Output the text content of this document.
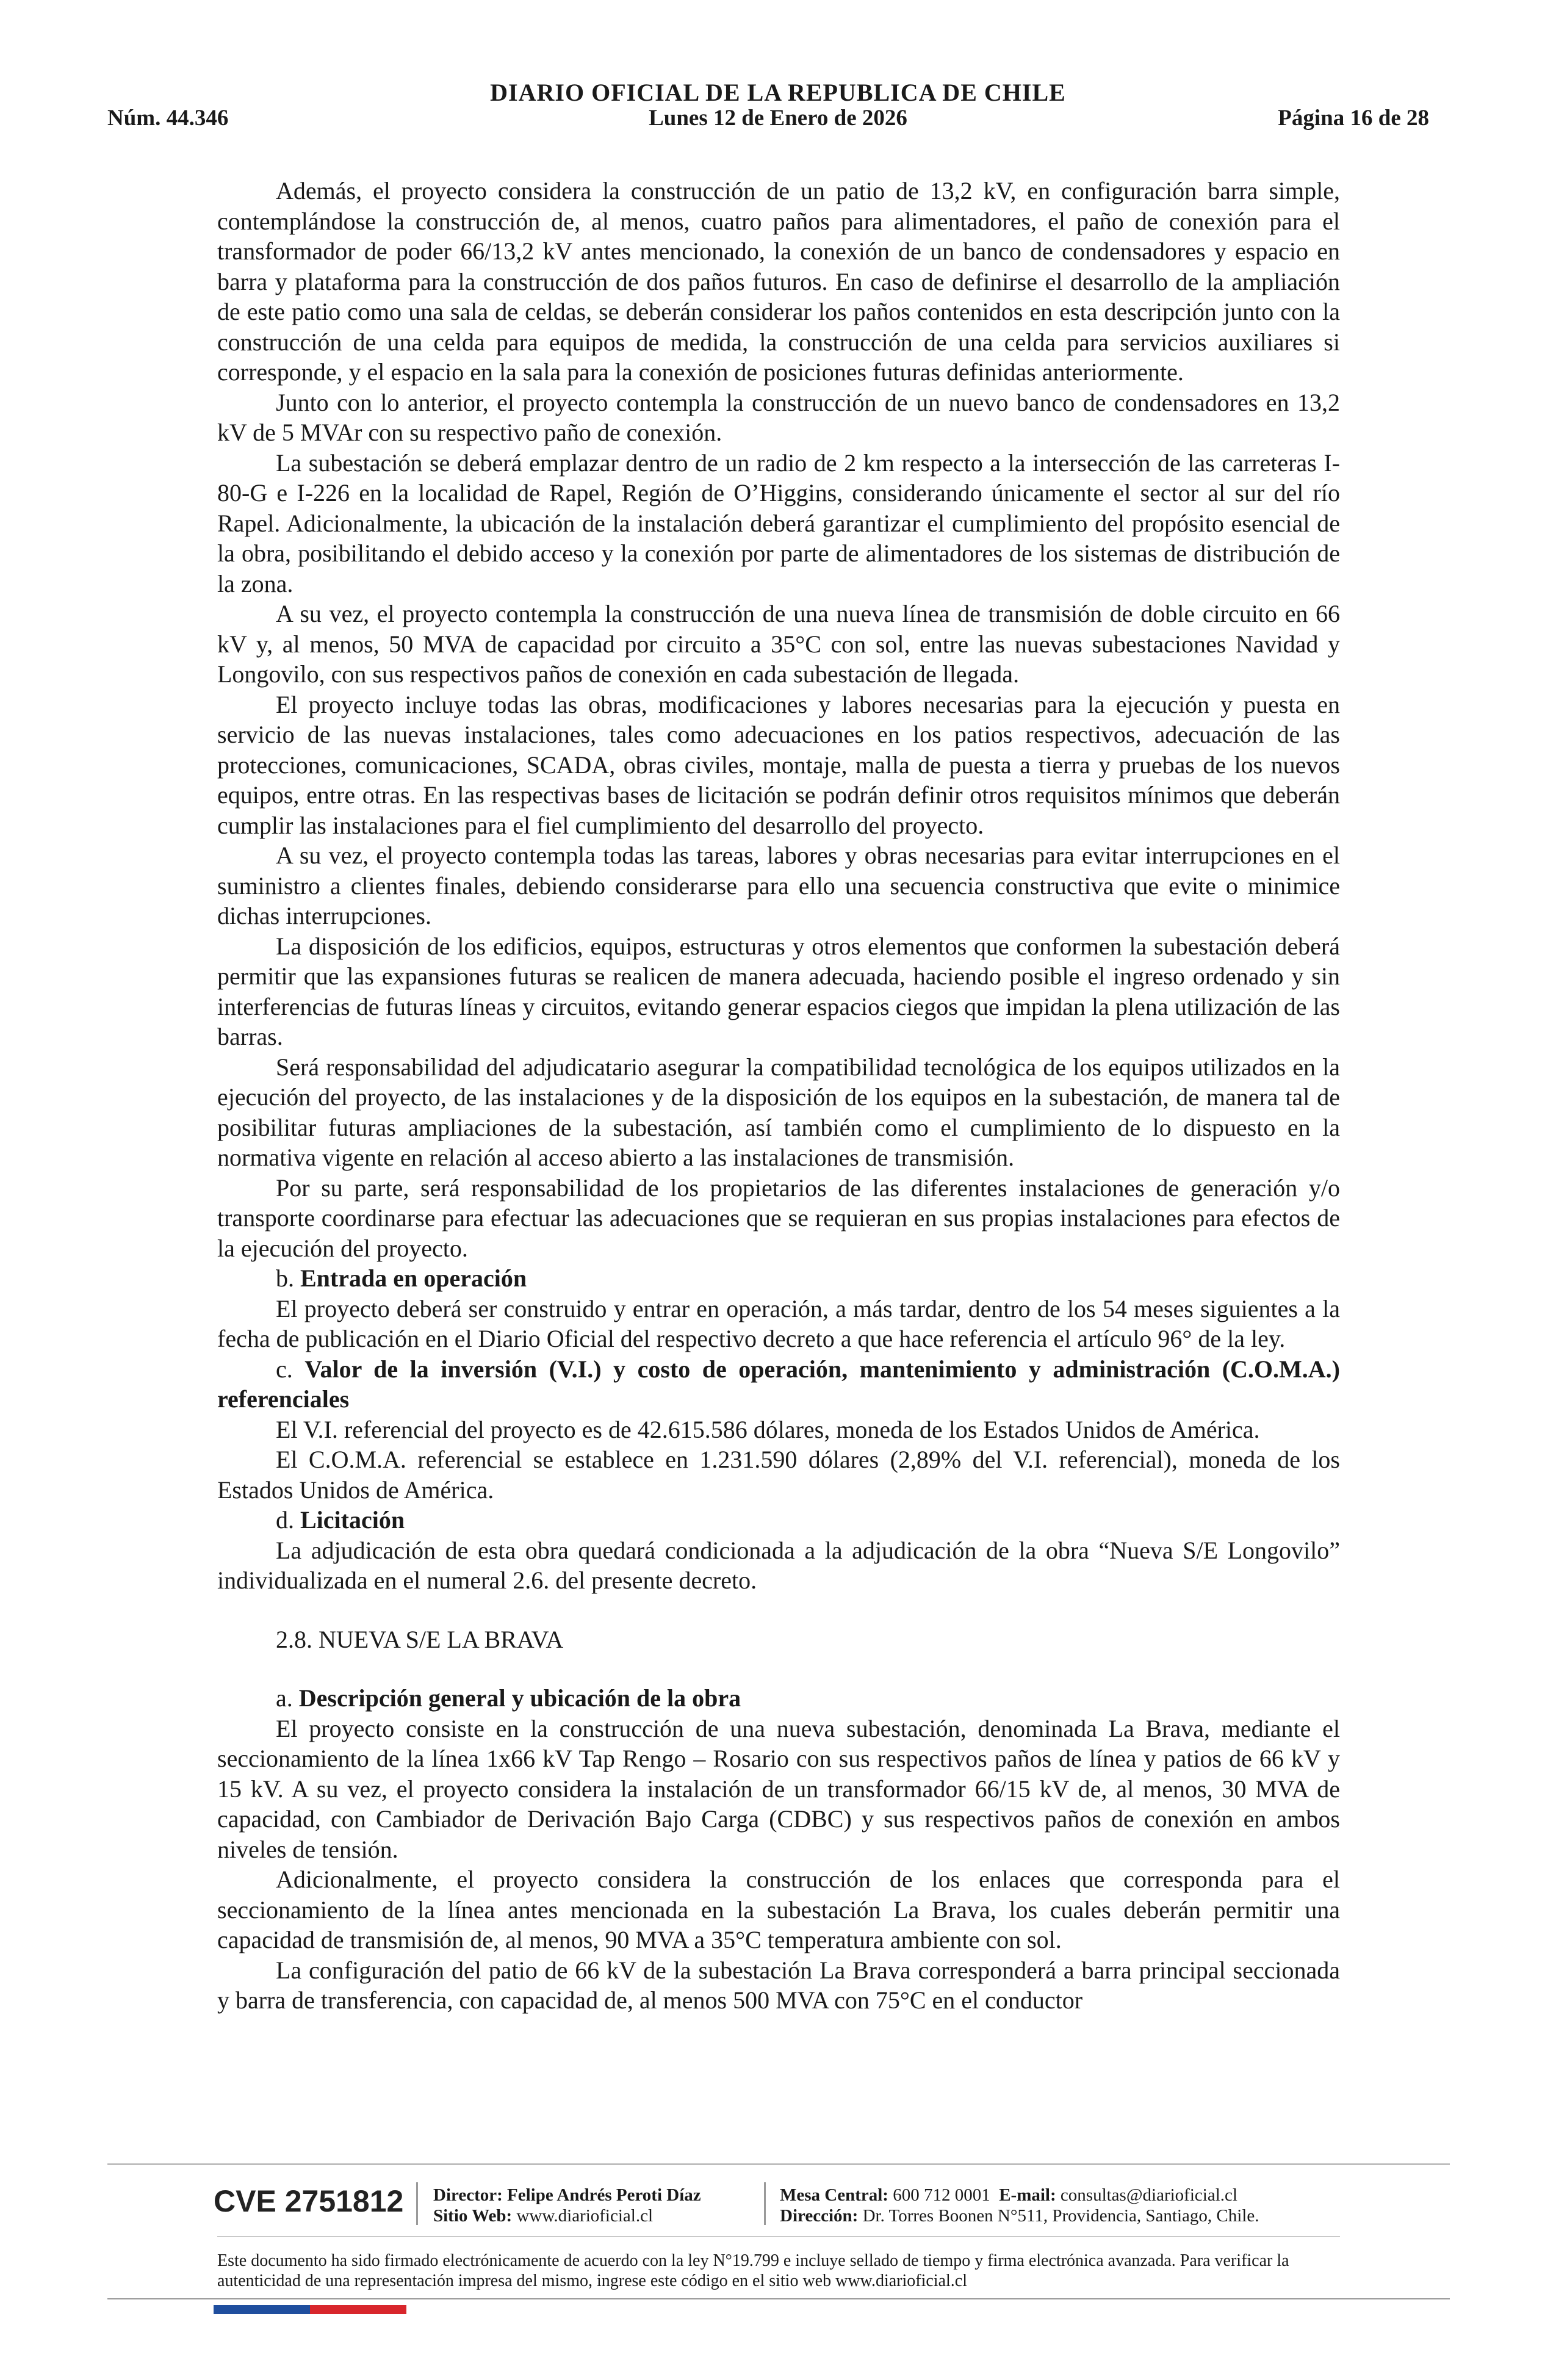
DIARIO OFICIAL DE LA REPUBLICA DE CHILE
Núm. 44.346	Lunes 12 de Enero de 2026	Página 16 de 28

Además, el proyecto considera la construcción de un patio de 13,2 kV, en configuración barra simple, contemplándose la construcción de, al menos, cuatro paños para alimentadores, el paño de conexión para el transformador de poder 66/13,2 kV antes mencionado, la conexión de un banco de condensadores y espacio en barra y plataforma para la construcción de dos paños futuros. En caso de definirse el desarrollo de la ampliación de este patio como una sala de celdas, se deberán considerar los paños contenidos en esta descripción junto con la construcción de una celda para equipos de medida, la construcción de una celda para servicios auxiliares si corresponde, y el espacio en la sala para la conexión de posiciones futuras definidas anteriormente.

Junto con lo anterior, el proyecto contempla la construcción de un nuevo banco de condensadores en 13,2 kV de 5 MVAr con su respectivo paño de conexión.

La subestación se deberá emplazar dentro de un radio de 2 km respecto a la intersección de las carreteras I-80-G e I-226 en la localidad de Rapel, Región de O’Higgins, considerando únicamente el sector al sur del río Rapel. Adicionalmente, la ubicación de la instalación deberá garantizar el cumplimiento del propósito esencial de la obra, posibilitando el debido acceso y la conexión por parte de alimentadores de los sistemas de distribución de la zona.

A su vez, el proyecto contempla la construcción de una nueva línea de transmisión de doble circuito en 66 kV y, al menos, 50 MVA de capacidad por circuito a 35°C con sol, entre las nuevas subestaciones Navidad y Longovilo, con sus respectivos paños de conexión en cada subestación de llegada.

El proyecto incluye todas las obras, modificaciones y labores necesarias para la ejecución y puesta en servicio de las nuevas instalaciones, tales como adecuaciones en los patios respectivos, adecuación de las protecciones, comunicaciones, SCADA, obras civiles, montaje, malla de puesta a tierra y pruebas de los nuevos equipos, entre otras. En las respectivas bases de licitación se podrán definir otros requisitos mínimos que deberán cumplir las instalaciones para el fiel cumplimiento del desarrollo del proyecto.

A su vez, el proyecto contempla todas las tareas, labores y obras necesarias para evitar interrupciones en el suministro a clientes finales, debiendo considerarse para ello una secuencia constructiva que evite o minimice dichas interrupciones.

La disposición de los edificios, equipos, estructuras y otros elementos que conformen la subestación deberá permitir que las expansiones futuras se realicen de manera adecuada, haciendo posible el ingreso ordenado y sin interferencias de futuras líneas y circuitos, evitando generar espacios ciegos que impidan la plena utilización de las barras.

Será responsabilidad del adjudicatario asegurar la compatibilidad tecnológica de los equipos utilizados en la ejecución del proyecto, de las instalaciones y de la disposición de los equipos en la subestación, de manera tal de posibilitar futuras ampliaciones de la subestación, así también como el cumplimiento de lo dispuesto en la normativa vigente en relación al acceso abierto a las instalaciones de transmisión.

Por su parte, será responsabilidad de los propietarios de las diferentes instalaciones de generación y/o transporte coordinarse para efectuar las adecuaciones que se requieran en sus propias instalaciones para efectos de la ejecución del proyecto.

b. Entrada en operación

El proyecto deberá ser construido y entrar en operación, a más tardar, dentro de los 54 meses siguientes a la fecha de publicación en el Diario Oficial del respectivo decreto a que hace referencia el artículo 96° de la ley.

c. Valor de la inversión (V.I.) y costo de operación, mantenimiento y administración (C.O.M.A.) referenciales

El V.I. referencial del proyecto es de 42.615.586 dólares, moneda de los Estados Unidos de América.

El C.O.M.A. referencial se establece en 1.231.590 dólares (2,89% del V.I. referencial), moneda de los Estados Unidos de América.

d. Licitación

La adjudicación de esta obra quedará condicionada a la adjudicación de la obra “Nueva S/E Longovilo” individualizada en el numeral 2.6. del presente decreto.

2.8. NUEVA S/E LA BRAVA

a. Descripción general y ubicación de la obra

El proyecto consiste en la construcción de una nueva subestación, denominada La Brava, mediante el seccionamiento de la línea 1x66 kV Tap Rengo – Rosario con sus respectivos paños de línea y patios de 66 kV y 15 kV. A su vez, el proyecto considera la instalación de un transformador 66/15 kV de, al menos, 30 MVA de capacidad, con Cambiador de Derivación Bajo Carga (CDBC) y sus respectivos paños de conexión en ambos niveles de tensión.

Adicionalmente, el proyecto considera la construcción de los enlaces que corresponda para el seccionamiento de la línea antes mencionada en la subestación La Brava, los cuales deberán permitir una capacidad de transmisión de, al menos, 90 MVA a 35°C temperatura ambiente con sol.

La configuración del patio de 66 kV de la subestación La Brava corresponderá a barra principal seccionada y barra de transferencia, con capacidad de, al menos 500 MVA con 75°C en el conductor

CVE 2751812 Director: Felipe Andrés Peroti Díaz
Sitio Web: www.diarioficial.cl
Mesa Central: 600 712 0001 E-mail: consultas@diarioficial.cl
Dirección: Dr. Torres Boonen N°511, Providencia, Santiago, Chile.
Este documento ha sido firmado electrónicamente de acuerdo con la ley N°19.799 e incluye sellado de tiempo y firma electrónica avanzada. Para verificar la autenticidad de una representación impresa del mismo, ingrese este código en el sitio web www.diarioficial.cl
